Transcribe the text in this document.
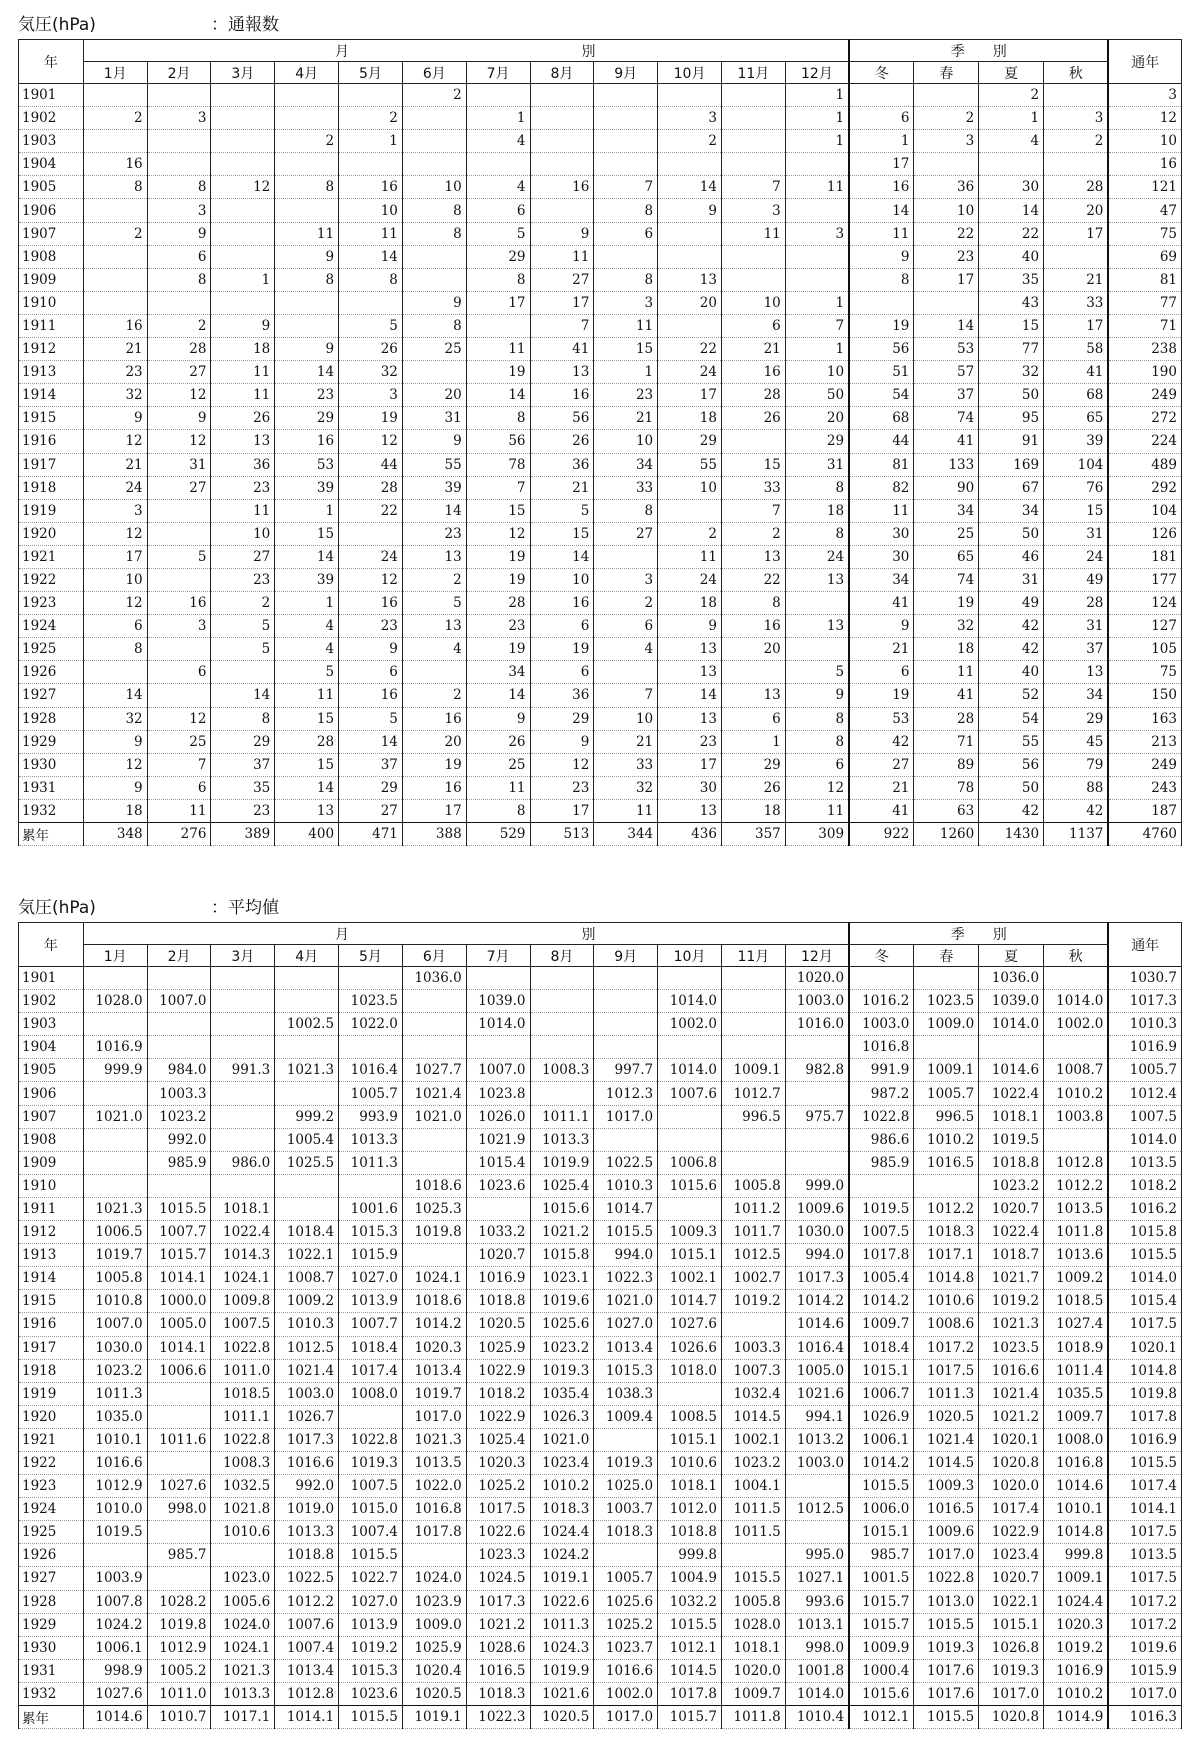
気圧(hPa)	：通報数
年	月　　　　　　　　　　　　　　　別												季　　別				通年
	1月	2月	3月	4月	5月	6月	7月	8月	9月	10月	11月	12月	冬	春	夏	秋	
1901						2						1			2		3
1902	2	3			2		1			3		1	6	2	1	3	12
1903				2	1		4			2		1	1	3	4	2	10
1904	16												17				16
1905	8	8	12	8	16	10	4	16	7	14	7	11	16	36	30	28	121
1906		3			10	8	6		8	9	3		14	10	14	20	47
1907	2	9		11	11	8	5	9	6		11	3	11	22	22	17	75
1908		6		9	14		29	11					9	23	40		69
1909		8	1	8	8		8	27	8	13			8	17	35	21	81
1910						9	17	17	3	20	10	1			43	33	77
1911	16	2	9		5	8		7	11		6	7	19	14	15	17	71
1912	21	28	18	9	26	25	11	41	15	22	21	1	56	53	77	58	238
1913	23	27	11	14	32		19	13	1	24	16	10	51	57	32	41	190
1914	32	12	11	23	3	20	14	16	23	17	28	50	54	37	50	68	249
1915	9	9	26	29	19	31	8	56	21	18	26	20	68	74	95	65	272
1916	12	12	13	16	12	9	56	26	10	29		29	44	41	91	39	224
1917	21	31	36	53	44	55	78	36	34	55	15	31	81	133	169	104	489
1918	24	27	23	39	28	39	7	21	33	10	33	8	82	90	67	76	292
1919	3		11	1	22	14	15	5	8		7	18	11	34	34	15	104
1920	12		10	15		23	12	15	27	2	2	8	30	25	50	31	126
1921	17	5	27	14	24	13	19	14		11	13	24	30	65	46	24	181
1922	10		23	39	12	2	19	10	3	24	22	13	34	74	31	49	177
1923	12	16	2	1	16	5	28	16	2	18	8		41	19	49	28	124
1924	6	3	5	4	23	13	23	6	6	9	16	13	9	32	42	31	127
1925	8		5	4	9	4	19	19	4	13	20		21	18	42	37	105
1926		6		5	6		34	6		13		5	6	11	40	13	75
1927	14		14	11	16	2	14	36	7	14	13	9	19	41	52	34	150
1928	32	12	8	15	5	16	9	29	10	13	6	8	53	28	54	29	163
1929	9	25	29	28	14	20	26	9	21	23	1	8	42	71	55	45	213
1930	12	7	37	15	37	19	25	12	33	17	29	6	27	89	56	79	249
1931	9	6	35	14	29	16	11	23	32	30	26	12	21	78	50	88	243
1932	18	11	23	13	27	17	8	17	11	13	18	11	41	63	42	42	187
累年	348	276	389	400	471	388	529	513	344	436	357	309	922	1260	1430	1137	4760
気圧(hPa)	：平均値
年	月　　　　　　　　　　　　　　　別												季　　別				通年
	1月	2月	3月	4月	5月	6月	7月	8月	9月	10月	11月	12月	冬	春	夏	秋	
1901						1036.0						1020.0			1036.0		1030.7
1902	1028.0	1007.0			1023.5		1039.0			1014.0		1003.0	1016.2	1023.5	1039.0	1014.0	1017.3
1903				1002.5	1022.0		1014.0			1002.0		1016.0	1003.0	1009.0	1014.0	1002.0	1010.3
1904	1016.9												1016.8				1016.9
1905	999.9	984.0	991.3	1021.3	1016.4	1027.7	1007.0	1008.3	997.7	1014.0	1009.1	982.8	991.9	1009.1	1014.6	1008.7	1005.7
1906		1003.3			1005.7	1021.4	1023.8		1012.3	1007.6	1012.7		987.2	1005.7	1022.4	1010.2	1012.4
1907	1021.0	1023.2		999.2	993.9	1021.0	1026.0	1011.1	1017.0		996.5	975.7	1022.8	996.5	1018.1	1003.8	1007.5
1908		992.0		1005.4	1013.3		1021.9	1013.3					986.6	1010.2	1019.5		1014.0
1909		985.9	986.0	1025.5	1011.3		1015.4	1019.9	1022.5	1006.8			985.9	1016.5	1018.8	1012.8	1013.5
1910						1018.6	1023.6	1025.4	1010.3	1015.6	1005.8	999.0			1023.2	1012.2	1018.2
1911	1021.3	1015.5	1018.1		1001.6	1025.3		1015.6	1014.7		1011.2	1009.6	1019.5	1012.2	1020.7	1013.5	1016.2
1912	1006.5	1007.7	1022.4	1018.4	1015.3	1019.8	1033.2	1021.2	1015.5	1009.3	1011.7	1030.0	1007.5	1018.3	1022.4	1011.8	1015.8
1913	1019.7	1015.7	1014.3	1022.1	1015.9		1020.7	1015.8	994.0	1015.1	1012.5	994.0	1017.8	1017.1	1018.7	1013.6	1015.5
1914	1005.8	1014.1	1024.1	1008.7	1027.0	1024.1	1016.9	1023.1	1022.3	1002.1	1002.7	1017.3	1005.4	1014.8	1021.7	1009.2	1014.0
1915	1010.8	1000.0	1009.8	1009.2	1013.9	1018.6	1018.8	1019.6	1021.0	1014.7	1019.2	1014.2	1014.2	1010.6	1019.2	1018.5	1015.4
1916	1007.0	1005.0	1007.5	1010.3	1007.7	1014.2	1020.5	1025.6	1027.0	1027.6		1014.6	1009.7	1008.6	1021.3	1027.4	1017.5
1917	1030.0	1014.1	1022.8	1012.5	1018.4	1020.3	1025.9	1023.2	1013.4	1026.6	1003.3	1016.4	1018.4	1017.2	1023.5	1018.9	1020.1
1918	1023.2	1006.6	1011.0	1021.4	1017.4	1013.4	1022.9	1019.3	1015.3	1018.0	1007.3	1005.0	1015.1	1017.5	1016.6	1011.4	1014.8
1919	1011.3		1018.5	1003.0	1008.0	1019.7	1018.2	1035.4	1038.3		1032.4	1021.6	1006.7	1011.3	1021.4	1035.5	1019.8
1920	1035.0		1011.1	1026.7		1017.0	1022.9	1026.3	1009.4	1008.5	1014.5	994.1	1026.9	1020.5	1021.2	1009.7	1017.8
1921	1010.1	1011.6	1022.8	1017.3	1022.8	1021.3	1025.4	1021.0		1015.1	1002.1	1013.2	1006.1	1021.4	1020.1	1008.0	1016.9
1922	1016.6		1008.3	1016.6	1019.3	1013.5	1020.3	1023.4	1019.3	1010.6	1023.2	1003.0	1014.2	1014.5	1020.8	1016.8	1015.5
1923	1012.9	1027.6	1032.5	992.0	1007.5	1022.0	1025.2	1010.2	1025.0	1018.1	1004.1		1015.5	1009.3	1020.0	1014.6	1017.4
1924	1010.0	998.0	1021.8	1019.0	1015.0	1016.8	1017.5	1018.3	1003.7	1012.0	1011.5	1012.5	1006.0	1016.5	1017.4	1010.1	1014.1
1925	1019.5		1010.6	1013.3	1007.4	1017.8	1022.6	1024.4	1018.3	1018.8	1011.5		1015.1	1009.6	1022.9	1014.8	1017.5
1926		985.7		1018.8	1015.5		1023.3	1024.2		999.8		995.0	985.7	1017.0	1023.4	999.8	1013.5
1927	1003.9		1023.0	1022.5	1022.7	1024.0	1024.5	1019.1	1005.7	1004.9	1015.5	1027.1	1001.5	1022.8	1020.7	1009.1	1017.5
1928	1007.8	1028.2	1005.6	1012.2	1027.0	1023.9	1017.3	1022.6	1025.6	1032.2	1005.8	993.6	1015.7	1013.0	1022.1	1024.4	1017.2
1929	1024.2	1019.8	1024.0	1007.6	1013.9	1009.0	1021.2	1011.3	1025.2	1015.5	1028.0	1013.1	1015.7	1015.5	1015.1	1020.3	1017.2
1930	1006.1	1012.9	1024.1	1007.4	1019.2	1025.9	1028.6	1024.3	1023.7	1012.1	1018.1	998.0	1009.9	1019.3	1026.8	1019.2	1019.6
1931	998.9	1005.2	1021.3	1013.4	1015.3	1020.4	1016.5	1019.9	1016.6	1014.5	1020.0	1001.8	1000.4	1017.6	1019.3	1016.9	1015.9
1932	1027.6	1011.0	1013.3	1012.8	1023.6	1020.5	1018.3	1021.6	1002.0	1017.8	1009.7	1014.0	1015.6	1017.6	1017.0	1010.2	1017.0
累年	1014.6	1010.7	1017.1	1014.1	1015.5	1019.1	1022.3	1020.5	1017.0	1015.7	1011.8	1010.4	1012.1	1015.5	1020.8	1014.9	1016.3
